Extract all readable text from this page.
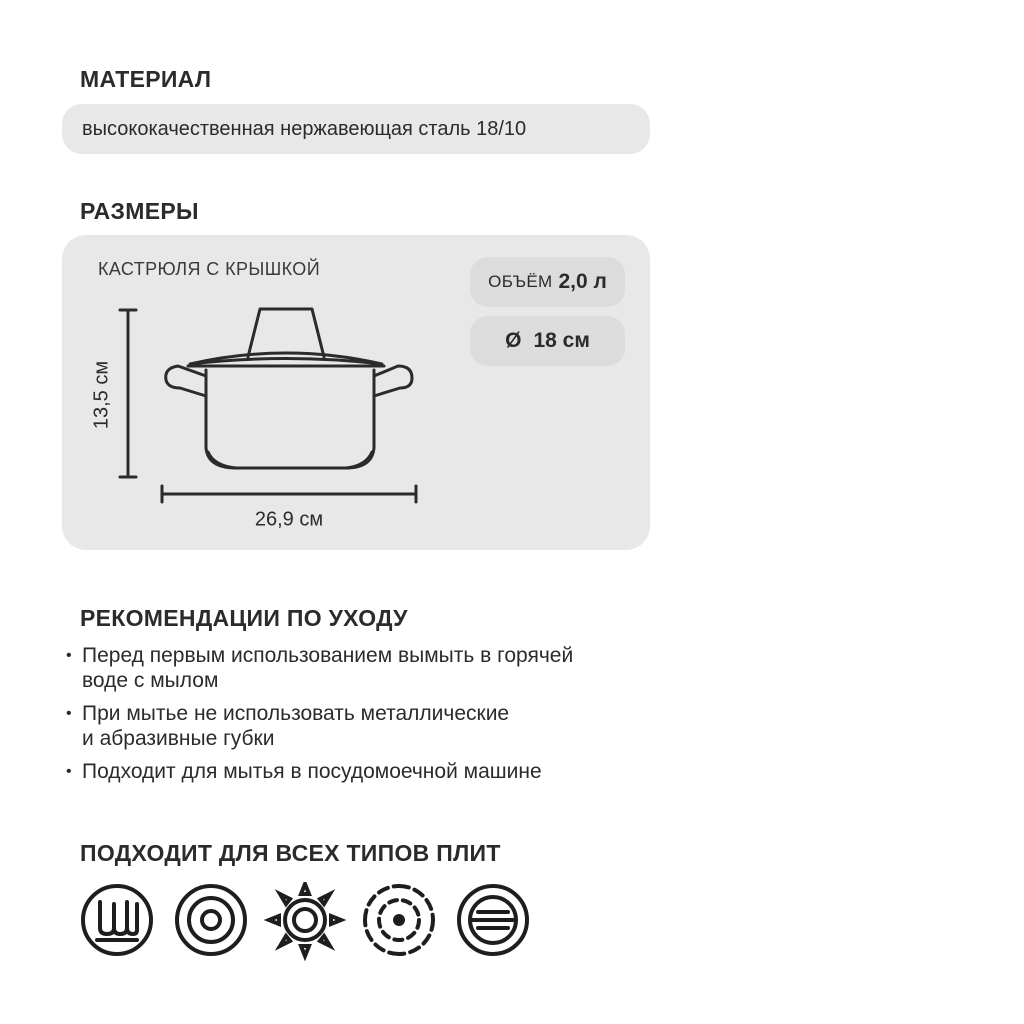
МАТЕРИАЛ
высококачественная нержавеющая сталь 18/10
РАЗМЕРЫ
КАСТРЮЛЯ С КРЫШКОЙ
ОБЪЁМ 2,0 л
Ø 18 см
13,5 см
26,9 см
РЕКОМЕНДАЦИИ ПО УХОДУ
• Перед первым использованием вымыть в горячей
воде с мылом
• При мытье не использовать металлические
и абразивные губки
• Подходит для мытья в посудомоечной машине
ПОДХОДИТ ДЛЯ ВСЕХ ТИПОВ ПЛИТ
